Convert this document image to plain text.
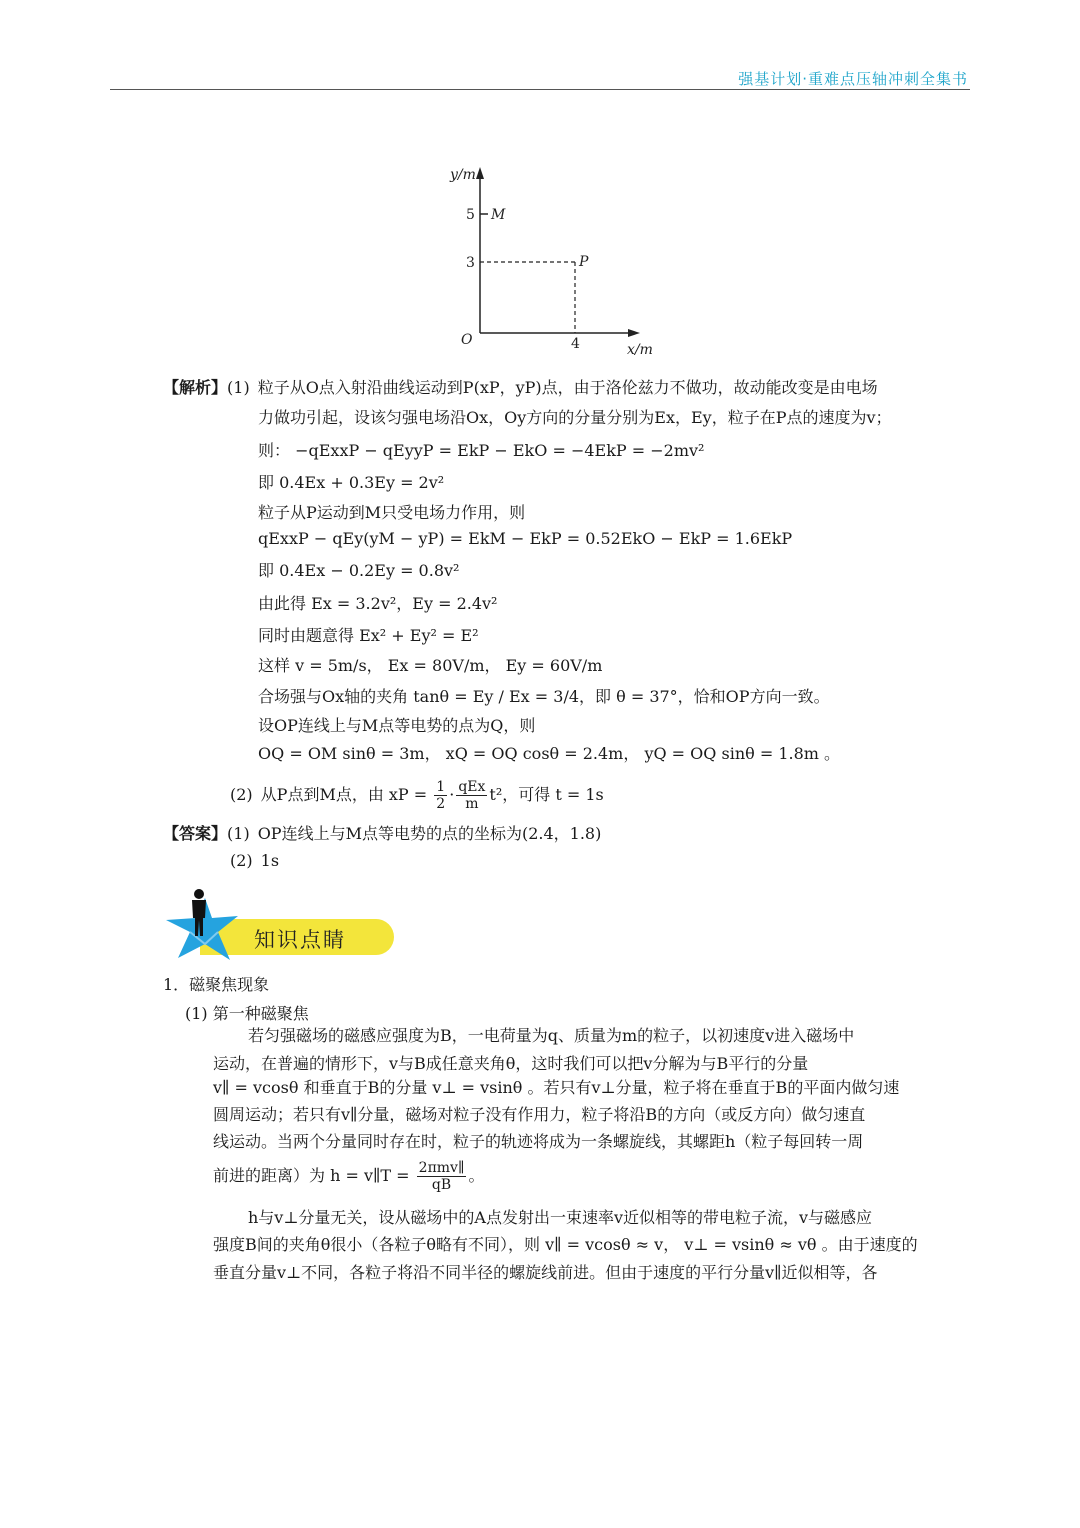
强基计划·重难点压轴冲刺全集书
y/m
5 M
3	P
O	4	x/m
【解析】(1) 粒子从O点入射沿曲线运动到P(xP，yP)点，由于洛伦兹力不做功，故动能改变是由电场
力做功引起，设该匀强电场沿Ox，Oy方向的分量分别为Ex，Ey，粒子在P点的速度为v；
则： −qExxP − qEyyP = EkP − EkO = −4EkP = −2mv²
即 0.4Ex + 0.3Ey = 2v²
粒子从P运动到M只受电场力作用，则
qExxP − qEy(yM − yP) = EkM − EkP = 0.52EkO − EkP = 1.6EkP
即 0.4Ex − 0.2Ey = 0.8v²
由此得 Ex = 3.2v²，Ey = 2.4v²
同时由题意得 Ex² + Ey² = E²
这样 v = 5m/s， Ex = 80V/m， Ey = 60V/m
合场强与Ox轴的夹角 tanθ = Ey / Ex = 3/4，即 θ = 37°，恰和OP方向一致。
设OP连线上与M点等电势的点为Q，则
OQ = OM sinθ = 3m， xQ = OQ cosθ = 2.4m， yQ = OQ sinθ = 1.8m 。
(2) 从P点到M点，由 xP = $\frac{1}{2} \cdot \frac{\text{qEx}}{m} t^2$，可得 t = 1s
【答案】(1) OP连线上与M点等电势的点的坐标为(2.4，1.8)
(2) 1s
知识点睛
1．磁聚焦现象
(1) 第一种磁聚焦
若匀强磁场的磁感应强度为B，一电荷量为q、质量为m的粒子，以初速度v进入磁场中
运动，在普遍的情形下，v与B成任意夹角θ，这时我们可以把v分解为与B平行的分量
v∥ = vcosθ 和垂直于B的分量 v⊥ = vsinθ 。若只有v⊥分量，粒子将在垂直于B的平面内做匀速
圆周运动；若只有v∥分量，磁场对粒子没有作用力，粒子将沿B的方向（或反方向）做匀速直
线运动。当两个分量同时存在时，粒子的轨迹将成为一条螺旋线，其螺距h（粒子每回转一周
前进的距离）为 h = v∥T = $\frac{\text{2πmv∥}}{qB}$ 。
h与v⊥分量无关，设从磁场中的A点发射出一束速率v近似相等的带电粒子流，v与磁感应
强度B间的夹角θ很小（各粒子θ略有不同），则 v∥ = vcosθ ≈ v， v⊥ = vsinθ ≈ vθ 。由于速度的
垂直分量v⊥不同，各粒子将沿不同半径的螺旋线前进。但由于速度的平行分量v∥近似相等，各
